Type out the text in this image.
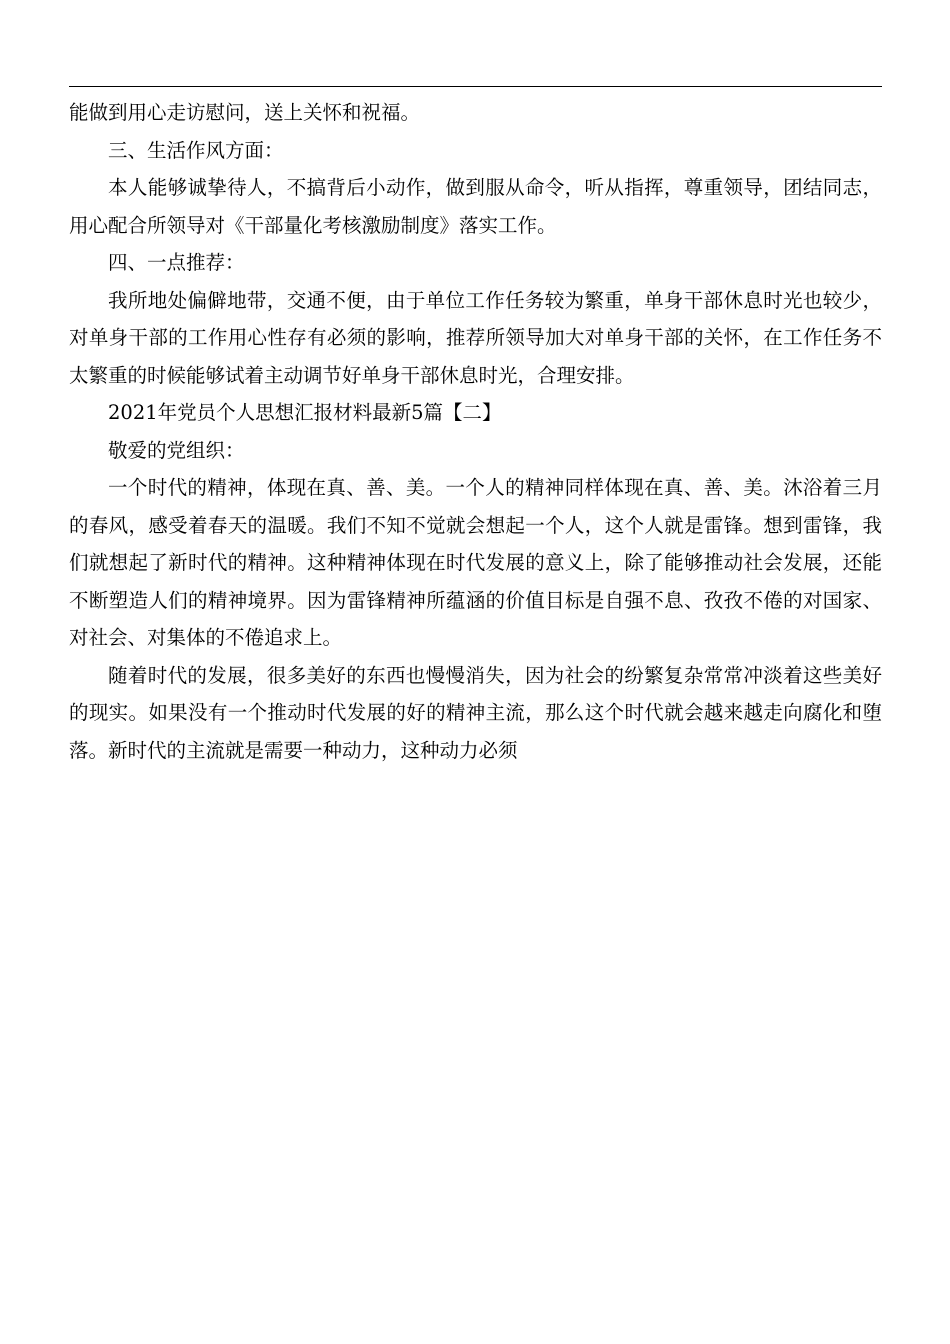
能做到用心走访慰问，送上关怀和祝福。

三、生活作风方面：

本人能够诚挚待人，不搞背后小动作，做到服从命令，听从指挥，尊重领导，团结同志，用心配合所领导对《干部量化考核激励制度》落实工作。

四、一点推荐：

我所地处偏僻地带，交通不便，由于单位工作任务较为繁重，单身干部休息时光也较少，对单身干部的工作用心性存有必须的影响，推荐所领导加大对单身干部的关怀，在工作任务不太繁重的时候能够试着主动调节好单身干部休息时光，合理安排。

2021年党员个人思想汇报材料最新5篇【二】

敬爱的党组织：

一个时代的精神，体现在真、善、美。一个人的精神同样体现在真、善、美。沐浴着三月的春风，感受着春天的温暖。我们不知不觉就会想起一个人，这个人就是雷锋。想到雷锋，我们就想起了新时代的精神。这种精神体现在时代发展的意义上，除了能够推动社会发展，还能不断塑造人们的精神境界。因为雷锋精神所蕴涵的价值目标是自强不息、孜孜不倦的对国家、对社会、对集体的不倦追求上。

随着时代的发展，很多美好的东西也慢慢消失，因为社会的纷繁复杂常常冲淡着这些美好的现实。如果没有一个推动时代发展的好的精神主流，那么这个时代就会越来越走向腐化和堕落。新时代的主流就是需要一种动力，这种动力必须
